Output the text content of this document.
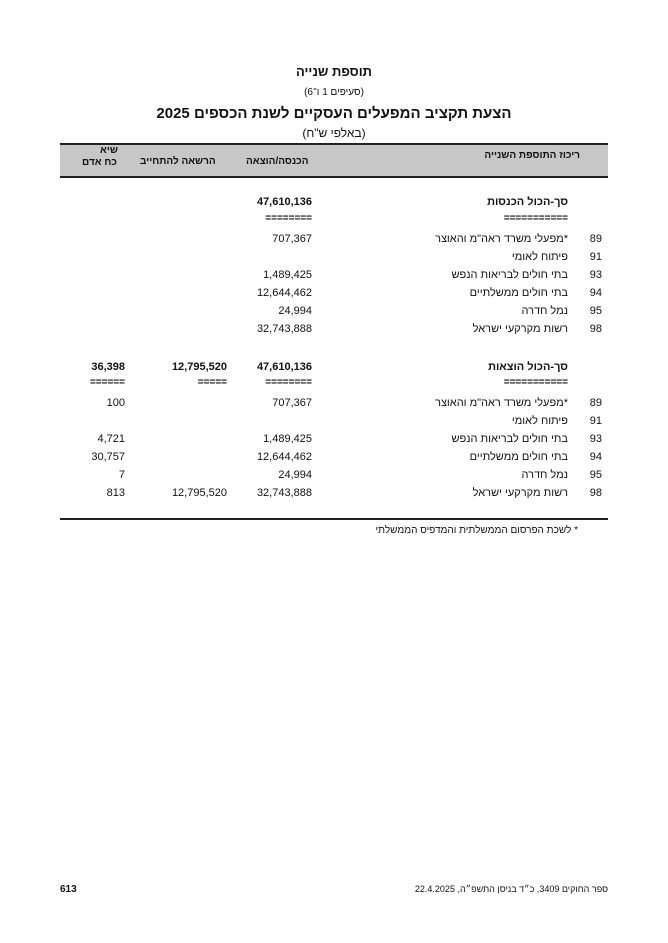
תוספת שנייה
(סעיפים 1 ו־6)
הצעת תקציב המפעלים העסקיים לשנת הכספים 2025
(באלפי ש"ח)
ריכוז התוספת השנייה
הכנסה/הוצאה
הרשאה להתחייב
שיא
כח אדם
סך-הכול הכנסות
47,610,136
===========
========
89
מפעלי משרד ראה"מ והאוצר*
707,367
91
פיתוח לאומי
93
בתי חולים לבריאות הנפש
1,489,425
94
בתי חולים ממשלתיים
12,644,462
95
נמל חדרה
24,994
98
רשות מקרקעי ישראל
32,743,888
סך-הכול הוצאות
47,610,136
12,795,520
36,398
===========
========
=====
======
89
מפעלי משרד ראה"מ והאוצר*
707,367
100
91
פיתוח לאומי
93
בתי חולים לבריאות הנפש
1,489,425
4,721
94
בתי חולים ממשלתיים
12,644,462
30,757
95
נמל חדרה
24,994
7
98
רשות מקרקעי ישראל
32,743,888
12,795,520
813
* לשכת הפרסום הממשלתית והמדפיס הממשלתי
613	ספר החוקים 3409, כ״ד בניסן התשפ״ה, 22.4.2025
